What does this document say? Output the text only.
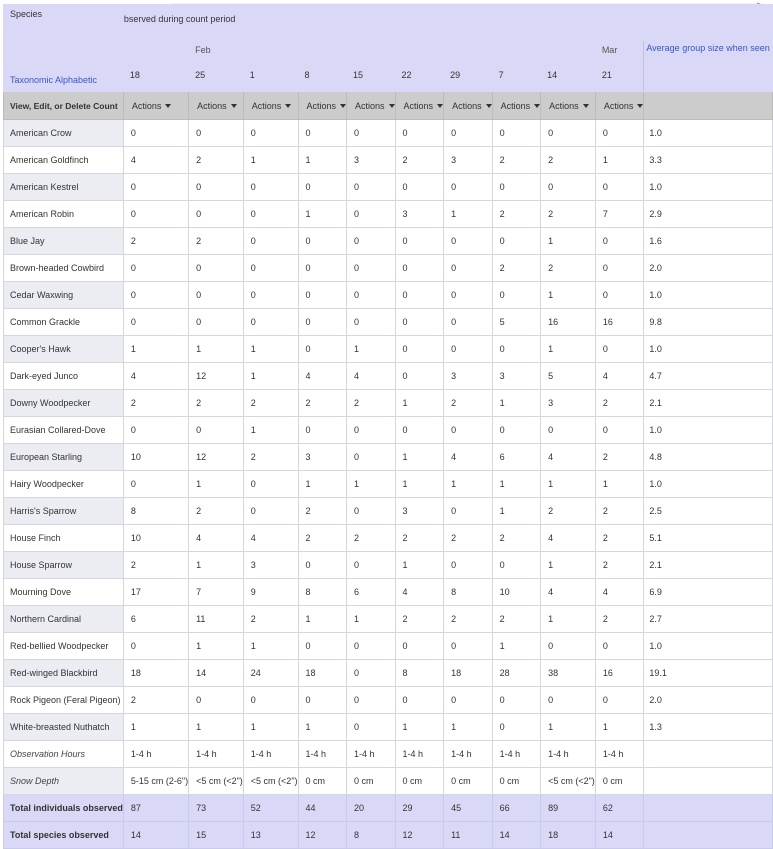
Species	bserved during count period										Average group size when seen
		Feb								Mar	
Taxonomic Alphabetic	18	25	1	8	15	22	29	7	14	21	
View, Edit, or Delete Count	Actions	Actions	Actions	Actions	Actions	Actions	Actions	Actions	Actions	Actions	
American Crow	0	0	0	0	0	0	0	0	0	0	1.0
American Goldfinch	4	2	1	1	3	2	3	2	2	1	3.3
American Kestrel	0	0	0	0	0	0	0	0	0	0	1.0
American Robin	0	0	0	1	0	3	1	2	2	7	2.9
Blue Jay	2	2	0	0	0	0	0	0	1	0	1.6
Brown-headed Cowbird	0	0	0	0	0	0	0	2	2	0	2.0
Cedar Waxwing	0	0	0	0	0	0	0	0	1	0	1.0
Common Grackle	0	0	0	0	0	0	0	5	16	16	9.8
Cooper's Hawk	1	1	1	0	1	0	0	0	1	0	1.0
Dark-eyed Junco	4	12	1	4	4	0	3	3	5	4	4.7
Downy Woodpecker	2	2	2	2	2	1	2	1	3	2	2.1
Eurasian Collared-Dove	0	0	1	0	0	0	0	0	0	0	1.0
European Starling	10	12	2	3	0	1	4	6	4	2	4.8
Hairy Woodpecker	0	1	0	1	1	1	1	1	1	1	1.0
Harris's Sparrow	8	2	0	2	0	3	0	1	2	2	2.5
House Finch	10	4	4	2	2	2	2	2	4	2	5.1
House Sparrow	2	1	3	0	0	1	0	0	1	2	2.1
Mourning Dove	17	7	9	8	6	4	8	10	4	4	6.9
Northern Cardinal	6	11	2	1	1	2	2	2	1	2	2.7
Red-bellied Woodpecker	0	1	1	0	0	0	0	1	0	0	1.0
Red-winged Blackbird	18	14	24	18	0	8	18	28	38	16	19.1
Rock Pigeon (Feral Pigeon)	2	0	0	0	0	0	0	0	0	0	2.0
White-breasted Nuthatch	1	1	1	1	0	1	1	0	1	1	1.3
Observation Hours	1-4 h	1-4 h	1-4 h	1-4 h	1-4 h	1-4 h	1-4 h	1-4 h	1-4 h	1-4 h	
Snow Depth	5-15 cm (2-6")	<5 cm (<2")	<5 cm (<2")	0 cm	0 cm	0 cm	0 cm	0 cm	<5 cm (<2")	0 cm	
Total individuals observed	87	73	52	44	20	29	45	66	89	62	
Total species observed	14	15	13	12	8	12	11	14	18	14	
